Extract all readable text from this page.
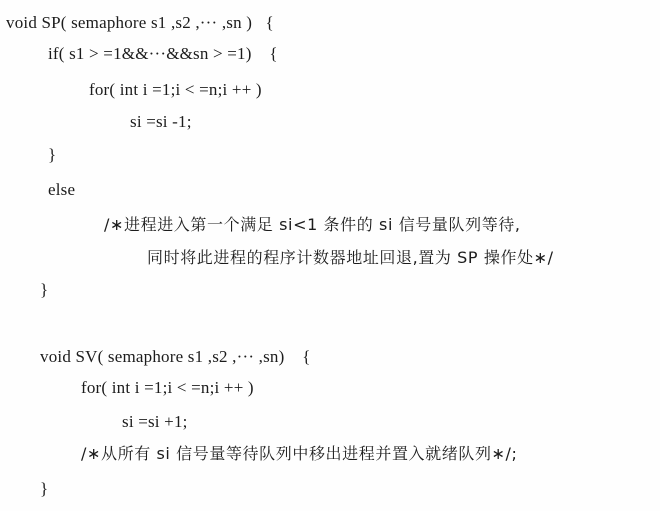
void SP( semaphore s1 ,s2 ,··· ,sn )   {
if( s1 > =1&&···&&sn > =1)    {
for( int i =1;i < =n;i ++ )
si =si -1;
}
else
/∗进程进入第一个满足 si<1 条件的 si 信号量队列等待,
同时将此进程的程序计数器地址回退,置为 SP 操作处∗/
}
void SV( semaphore s1 ,s2 ,··· ,sn)    {
for( int i =1;i < =n;i ++ )
si =si +1;
/∗从所有 si 信号量等待队列中移出进程并置入就绪队列∗/;
}
